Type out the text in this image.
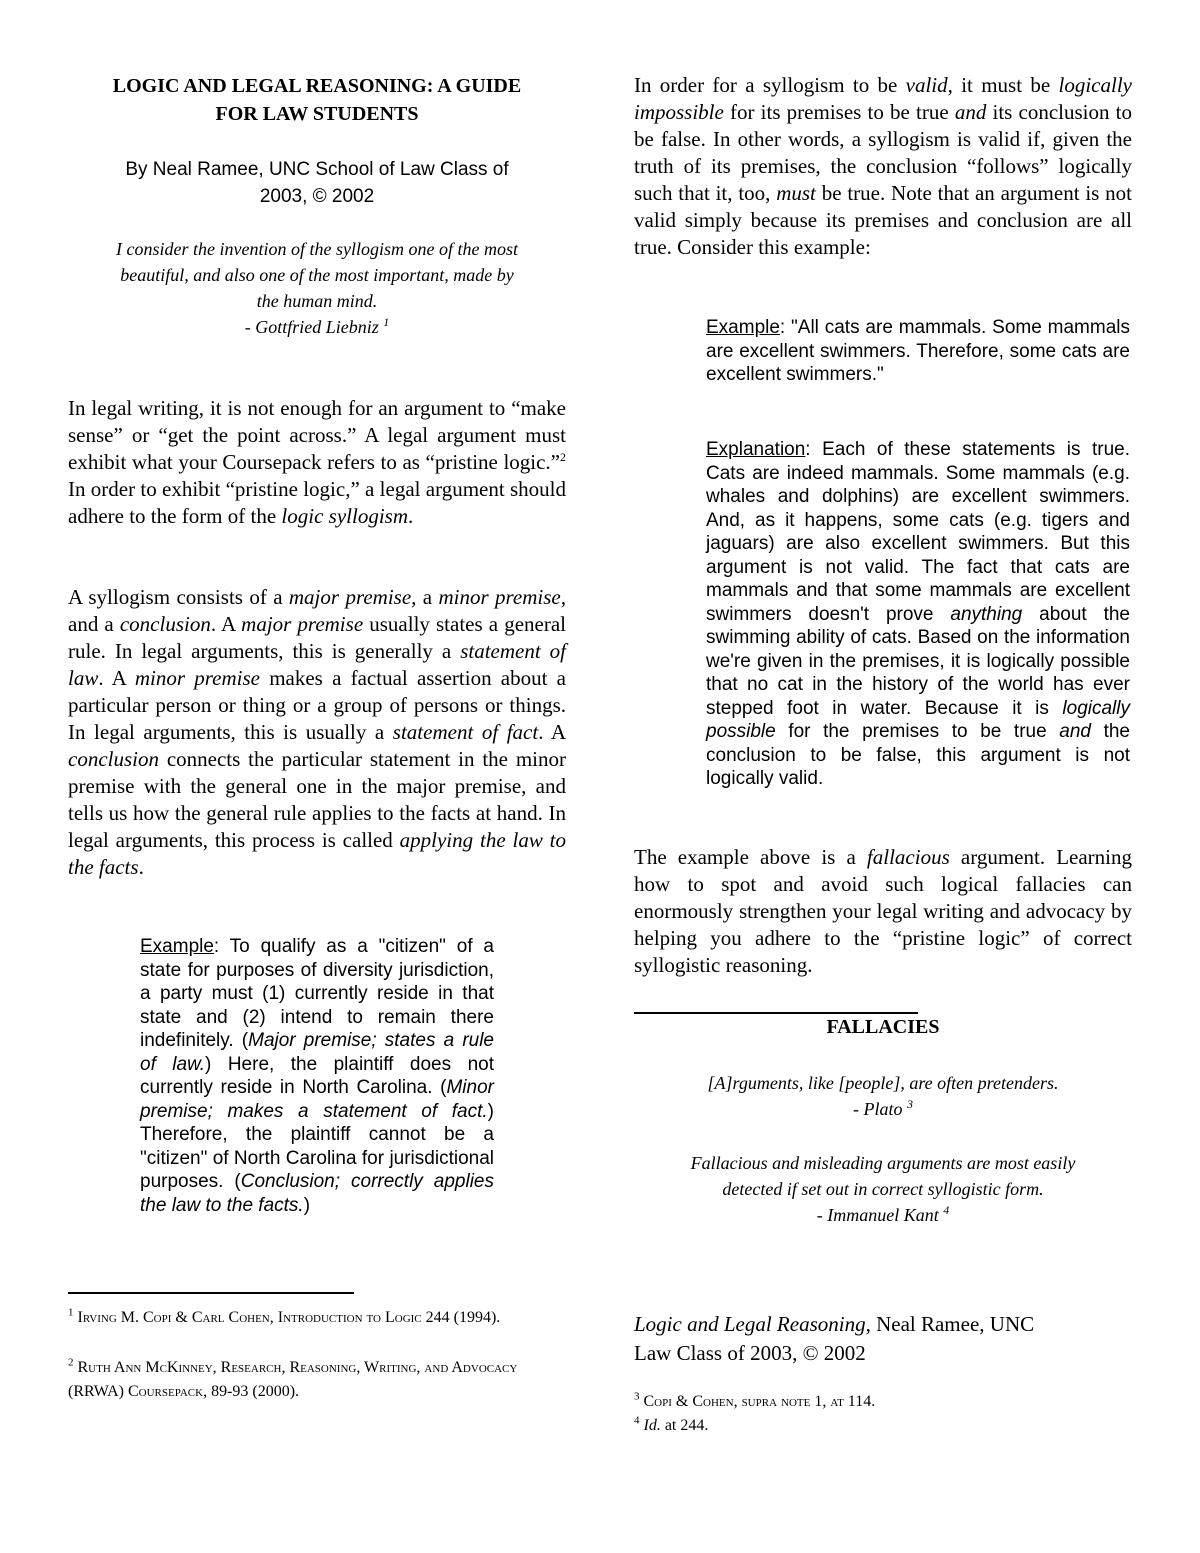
LOGIC AND LEGAL REASONING: A GUIDE
FOR LAW STUDENTS
By Neal Ramee, UNC School of Law Class of
2003, © 2002
I consider the invention of the syllogism one of the most
beautiful, and also one of the most important, made by
the human mind.
- Gottfried Liebniz $^1$
In legal writing, it is not enough for an argument to “make sense” or “get the point across.” A legal argument must exhibit what your Coursepack refers to as “pristine logic.”$^2$ In order to exhibit “pristine logic,” a legal argument should adhere to the form of the logic syllogism.
A syllogism consists of a major premise, a minor premise, and a conclusion. A major premise usually states a general rule. In legal arguments, this is generally a statement of law. A minor premise makes a factual assertion about a particular person or thing or a group of persons or things. In legal arguments, this is usually a statement of fact. A conclusion connects the particular statement in the minor premise with the general one in the major premise, and tells us how the general rule applies to the facts at hand. In legal arguments, this process is called applying the law to the facts.
Example: To qualify as a "citizen" of a state for purposes of diversity jurisdiction, a party must (1) currently reside in that state and (2) intend to remain there indefinitely. (Major premise; states a rule of law.) Here, the plaintiff does not currently reside in North Carolina. (Minor premise; makes a statement of fact.) Therefore, the plaintiff cannot be a "citizen" of North Carolina for jurisdictional purposes. (Conclusion; correctly applies the law to the facts.)
$^1$ Irving M. Copi & Carl Cohen, Introduction to Logic 244 (1994).
$^2$ Ruth Ann McKinney, Research, Reasoning, Writing, and Advocacy (RRWA) Coursepack, 89-93 (2000).
In order for a syllogism to be valid, it must be logically impossible for its premises to be true and its conclusion to be false. In other words, a syllogism is valid if, given the truth of its premises, the conclusion “follows” logically such that it, too, must be true. Note that an argument is not valid simply because its premises and conclusion are all true. Consider this example:
Example: "All cats are mammals. Some mammals are excellent swimmers. Therefore, some cats are excellent swimmers."
Explanation: Each of these statements is true. Cats are indeed mammals. Some mammals (e.g. whales and dolphins) are excellent swimmers. And, as it happens, some cats (e.g. tigers and jaguars) are also excellent swimmers. But this argument is not valid. The fact that cats are mammals and that some mammals are excellent swimmers doesn't prove anything about the swimming ability of cats. Based on the information we're given in the premises, it is logically possible that no cat in the history of the world has ever stepped foot in water. Because it is logically possible for the premises to be true and the conclusion to be false, this argument is not logically valid.
The example above is a fallacious argument. Learning how to spot and avoid such logical fallacies can enormously strengthen your legal writing and advocacy by helping you adhere to the “pristine logic” of correct syllogistic reasoning.
FALLACIES
[A]rguments, like [people], are often pretenders.
- Plato $^3$
Fallacious and misleading arguments are most easily
detected if set out in correct syllogistic form.
- Immanuel Kant $^4$
Logic and Legal Reasoning, Neal Ramee, UNC
Law Class of 2003, © 2002
$^3$ Copi & Cohen, supra note 1, at 114.
$^4$ Id. at 244.
